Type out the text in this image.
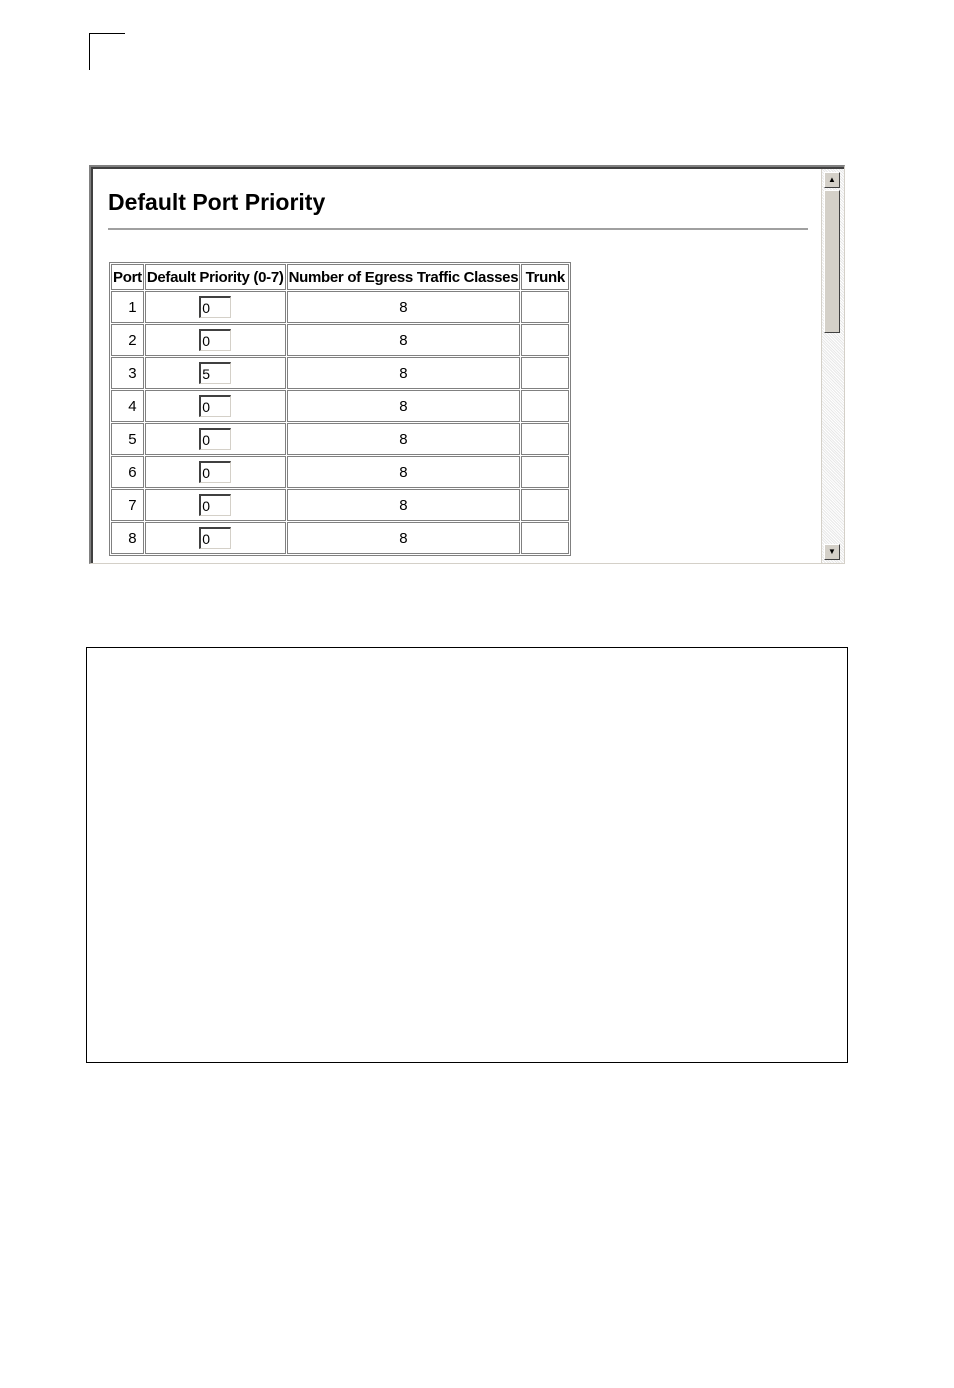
Default Port Priority
Port	Default Priority (0-7)	Number of Egress Traffic Classes	Trunk
1	0	8	
2	0	8	
3	5	8	
4	0	8	
5	0	8	
6	0	8	
7	0	8	
8	0	8	
▲
▼
